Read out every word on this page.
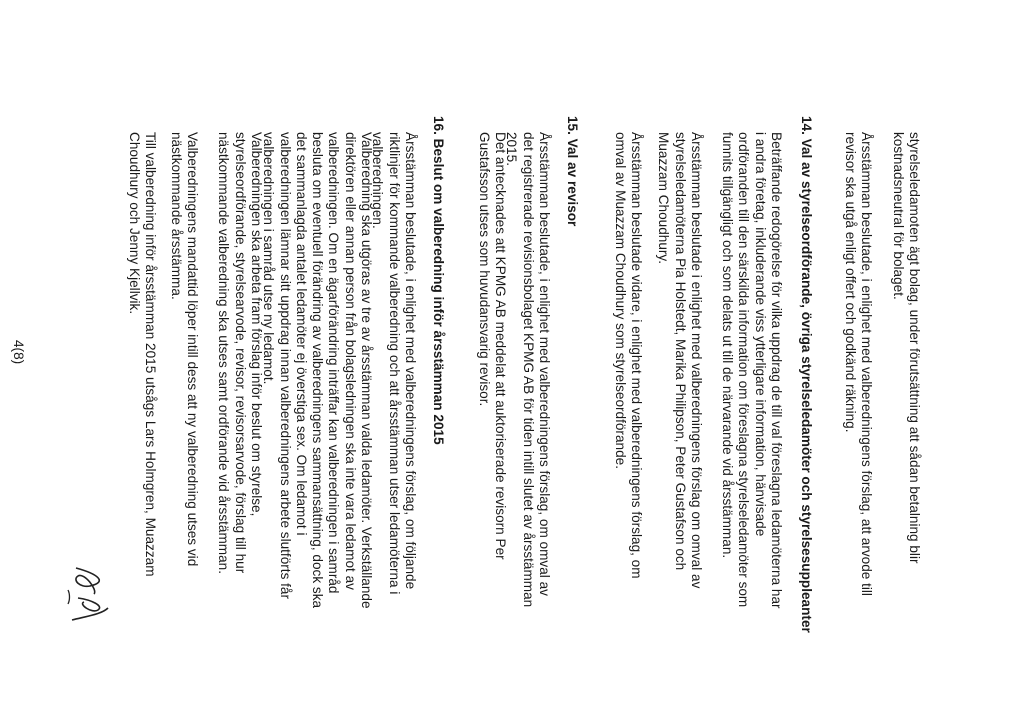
styrelseledamoten ägt bolag, under förutsättning att sådan betalning blir kostnadsneutral för bolaget.

Årsstämman beslutade, i enlighet med valberedningens förslag, att arvode till revisor ska utgå enligt offert och godkänd räkning.

14. Val av styrelseordförande, övriga styrelseledamöter och styrelsesuppleanter

Beträffande redogörelse för vilka uppdrag de till val föreslagna ledamöterna har i andra företag, inkluderande viss ytterligare information, hänvisade ordföranden till den särskilda information om föreslagna styrelseledamöter som funnits tillgängligt och som delats ut till de närvarande vid årsstämman.

Årsstämman beslutade i enlighet med valberedningens förslag om omval av styrelseledamöterna Pia Holstedt, Marika Philipson, Peter Gustafson och Muazzam Choudhury.

Årsstämman beslutade vidare, i enlighet med valberedningens förslag, om omval av Muazzam Choudhury som styrelseordförande.

15. Val av revisor

Årsstämman beslutade, i enlighet med valberedningens förslag, om omval av det registrerade revisionsbolaget KPMG AB för tiden intill slutet av årsstämman 2015.

Det antecknades att KPMG AB meddelat att auktoriserade revisorn Per Gustafsson utses som huvudansvarig revisor.

16. Beslut om valberedning inför årsstämman 2015

Årsstämman beslutade, i enlighet med valberedningens förslag, om följande riktlinjer för kommande valberedning och att årsstämman utser ledamöterna i valberedningen.

Valberedning ska utgöras av tre av årsstämman valda ledamöter. Verkställande direktören eller annan person från bolagsledningen ska inte vara ledamot av valberedningen. Om en ägarförändring inträffar kan valberedningen i samråd besluta om eventuell förändring av valberedningens sammansättning, dock ska det sammanlagda antalet ledamöter ej överstiga sex. Om ledamot i valberedningen lämnar sitt uppdrag innan valberedningens arbete slutförts får valberedningen i samråd utse ny ledamot.

Valberedningen ska arbeta fram förslag inför beslut om styrelse, styrelseordförande, styrelsearvode, revisor, revisorsarvode, förslag till hur nästkommande valberedning ska utses samt ordförande vid årsstämman.

Valberedningens mandattid löper intill dess att ny valberedning utses vid nästkommande årsstämma.

Till valberedning inför årsstämman 2015 utsågs Lars Holmgren, Muazzam Choudhury och Jenny Kjellvik.

4(8)
